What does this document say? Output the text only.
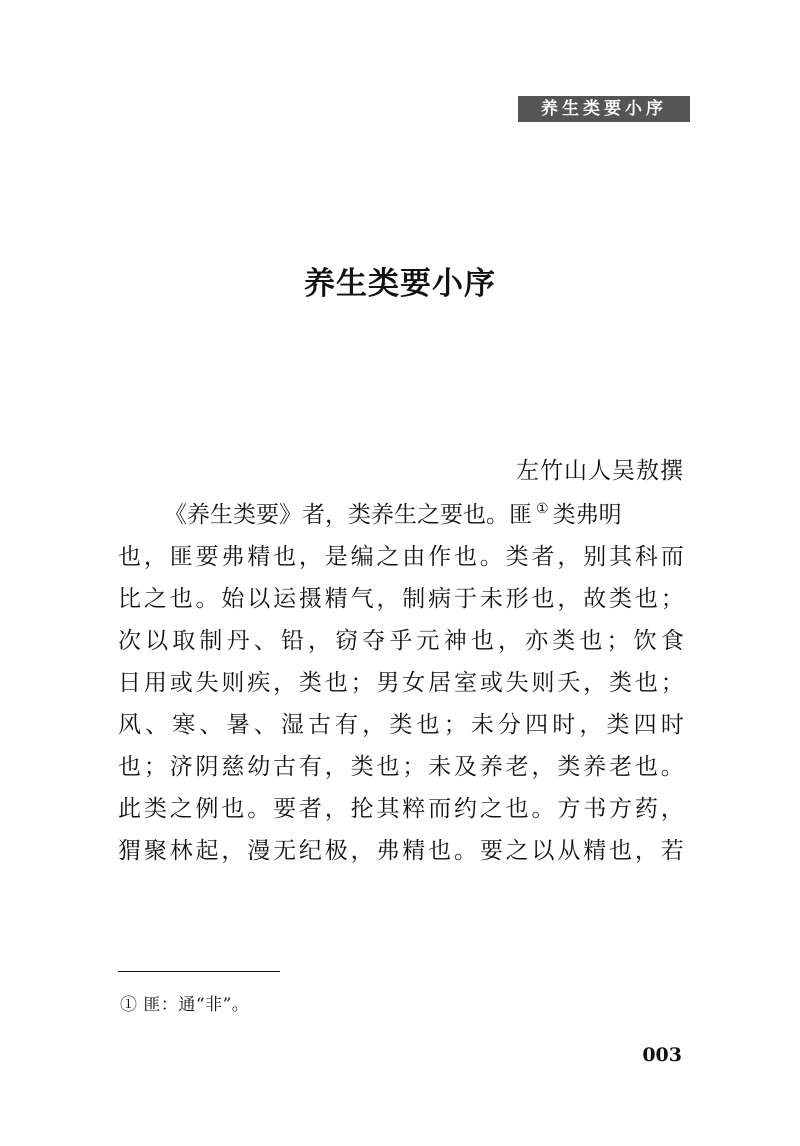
养生类要小序
养生类要小序
左竹山人吴敖撰
《养生类要》者，类养生之要也。匪 ① 类弗明
也 ， 匪 要 弗 精 也 ， 是 编 之 由 作 也 。 类 者 ， 别 其 科 而
比 之 也 。 始 以 运 摄 精 气 ， 制 病 于 未 形 也 ， 故 类 也 ；
次 以 取 制 丹 、 铅 ， 窃 夺 乎 元 神 也 ， 亦 类 也 ； 饮 食
日 用 或 失 则 疾 ， 类 也 ； 男 女 居 室 或 失 则 夭 ， 类 也 ；
风 、 寒 、 暑 、 湿 古 有 ， 类 也 ； 未 分 四 时 ， 类 四 时
也 ； 济 阴 慈 幼 古 有 ， 类 也 ； 未 及 养 老 ， 类 养 老 也 。
此 类 之 例 也 。 要 者 ， 抡 其 粹 而 约 之 也 。 方 书 方 药 ，
猬 聚 林 起 ， 漫 无 纪 极 ， 弗 精 也 。 要 之 以 从 精 也 ， 若
① 匪：通“非”。
003
